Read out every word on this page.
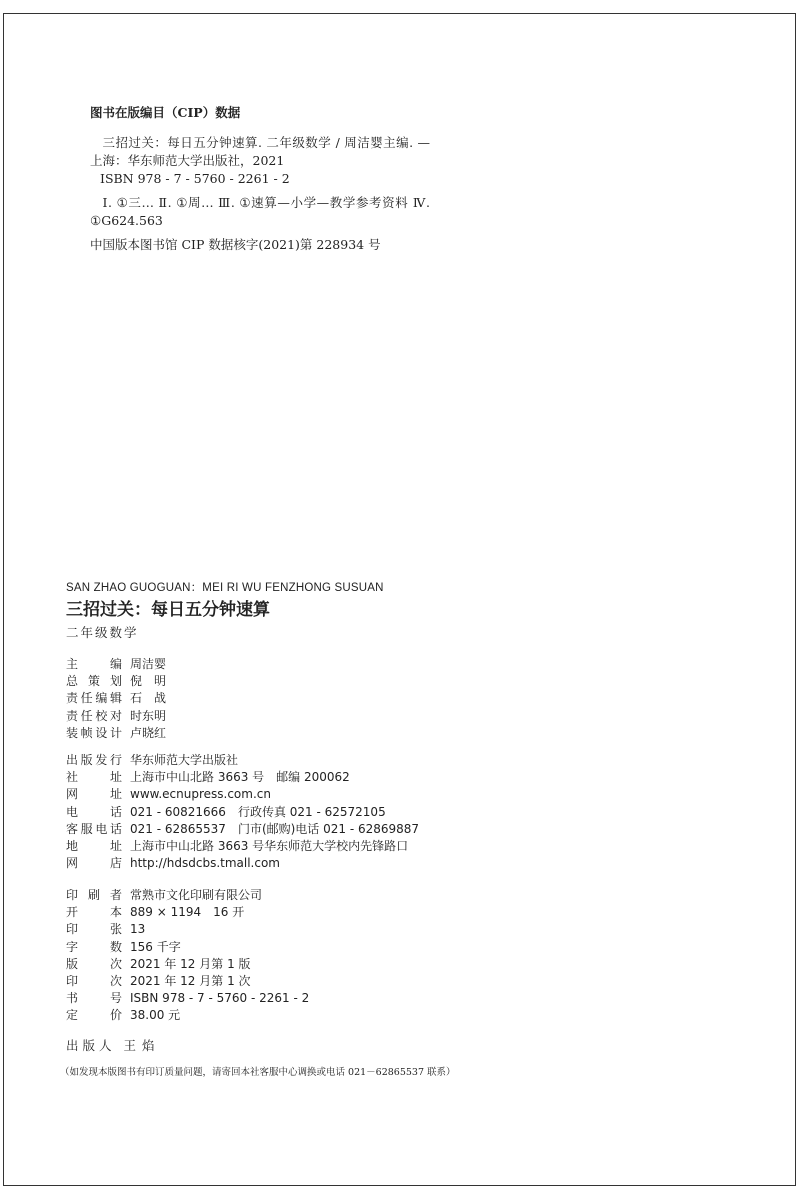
图书在版编目（CIP）数据

三招过关：每日五分钟速算. 二年级数学 / 周洁婴主编. —上海：华东师范大学出版社，2021

ISBN 978 - 7 - 5760 - 2261 - 2

Ⅰ. ①三… Ⅱ. ①周… Ⅲ. ①速算—小学—教学参考资料 Ⅳ. ①G624.563

中国版本图书馆 CIP 数据核字(2021)第 228934 号

SAN ZHAO GUOGUAN：MEI RI WU FENZHONG SUSUAN
三招过关：每日五分钟速算
二年级数学
主　编 周洁婴
总策划 倪　明
责任编辑 石　战
责任校对 时东明
装帧设计 卢晓红
出版发行 华东师范大学出版社
社　址 上海市中山北路 3663 号　邮编 200062
网　址 www.ecnupress.com.cn
电　话 021 - 60821666　行政传真 021 - 62572105
客服电话 021 - 62865537　门市(邮购)电话 021 - 62869887
地　址 上海市中山北路 3663 号华东师范大学校内先锋路口
网　店 http://hdsdcbs.tmall.com
印刷者 常熟市文化印刷有限公司
开　本 889 × 1194　16 开
印　张 13
字　数 156 千字
版　次 2021 年 12 月第 1 版
印　次 2021 年 12 月第 1 次
书　号 ISBN 978 - 7 - 5760 - 2261 - 2
定　价 38.00 元
出版人 王焰
（如发现本版图书有印订质量问题，请寄回本社客服中心调换或电话 021－62865537 联系）
